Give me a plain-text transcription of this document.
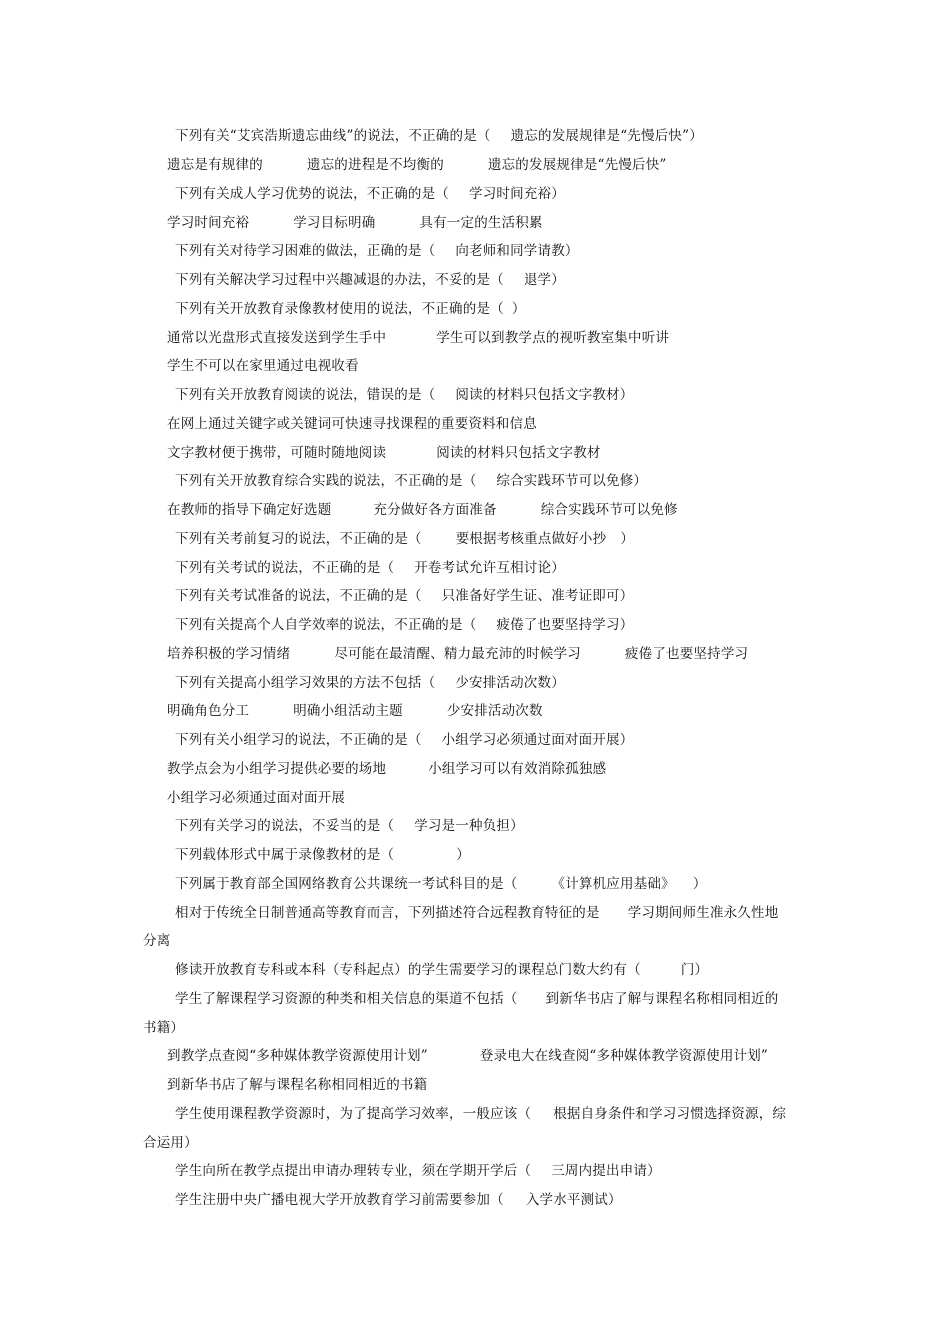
下列有关“艾宾浩斯遗忘曲线”的说法，不正确的是（ 遗忘的发展规律是“先慢后快”）
遗忘是有规律的	遗忘的进程是不均衡的	遗忘的发展规律是“先慢后快”
下列有关成人学习优势的说法，不正确的是（ 学习时间充裕）
学习时间充裕	学习目标明确	具有一定的生活积累
下列有关对待学习困难的做法，正确的是（ 向老师和同学请教）
下列有关解决学习过程中兴趣减退的办法，不妥的是（ 退学）
下列有关开放教育录像教材使用的说法，不正确的是（ ）
通常以光盘形式直接发送到学生手中	学生可以到教学点的视听教室集中听讲
学生不可以在家里通过电视收看
下列有关开放教育阅读的说法，错误的是（ 阅读的材料只包括文字教材）
在网上通过关键字或关键词可快速寻找课程的重要资料和信息
文字教材便于携带，可随时随地阅读	阅读的材料只包括文字教材
下列有关开放教育综合实践的说法，不正确的是（ 综合实践环节可以免修）
在教师的指导下确定好选题	充分做好各方面准备	综合实践环节可以免修
下列有关考前复习的说法，不正确的是（	要根据考核重点做好小抄 ）
下列有关考试的说法，不正确的是（ 开卷考试允许互相讨论）
下列有关考试准备的说法，不正确的是（ 只准备好学生证、准考证即可）
下列有关提高个人自学效率的说法，不正确的是（ 疲倦了也要坚持学习）
培养积极的学习情绪	尽可能在最清醒、精力最充沛的时候学习	疲倦了也要坚持学习
下列有关提高小组学习效果的方法不包括（ 少安排活动次数）
明确角色分工	明确小组活动主题	少安排活动次数
下列有关小组学习的说法，不正确的是（ 小组学习必须通过面对面开展）
教学点会为小组学习提供必要的场地	小组学习可以有效消除孤独感
小组学习必须通过面对面开展
下列有关学习的说法，不妥当的是（ 学习是一种负担）
下列载体形式中属于录像教材的是（	）
下列属于教育部全国网络教育公共课统一考试科目的是（	《计算机应用基础》 ）
相对于传统全日制普通高等教育而言，下列描述符合远程教育特征的是 学习期间师生准永久性地
分离
修读开放教育专科或本科（专科起点）的学生需要学习的课程总门数大约有（	门）
学生了解课程学习资源的种类和相关信息的渠道不包括（ 到新华书店了解与课程名称相同相近的
书籍）
到教学点查阅“多种媒体教学资源使用计划”	登录电大在线查阅“多种媒体教学资源使用计划”
到新华书店了解与课程名称相同相近的书籍
学生使用课程教学资源时，为了提高学习效率，一般应该（ 根据自身条件和学习习惯选择资源，综
合运用）
学生向所在教学点提出申请办理转专业，须在学期开学后（ 三周内提出申请）
学生注册中央广播电视大学开放教育学习前需要参加（ 入学水平测试）
